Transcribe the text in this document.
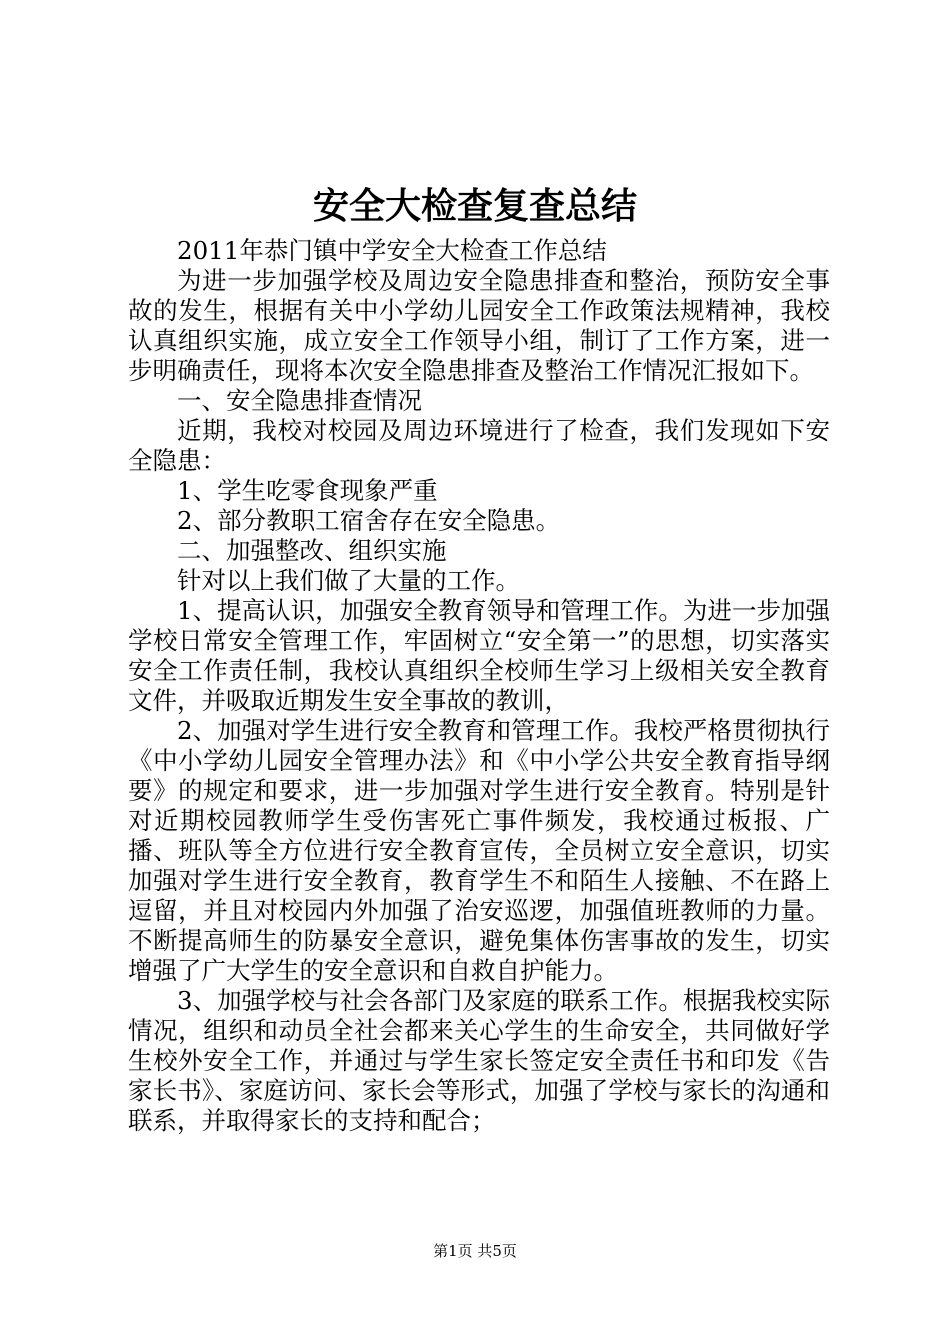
安全大检查复查总结

2011年恭门镇中学安全大检查工作总结

为进一步加强学校及周边安全隐患排查和整治，预防安全事故的发生，根据有关中小学幼儿园安全工作政策法规精神，我校认真组织实施，成立安全工作领导小组，制订了工作方案，进一步明确责任，现将本次安全隐患排查及整治工作情况汇报如下。

一、安全隐患排查情况

近期，我校对校园及周边环境进行了检查，我们发现如下安全隐患：

1、学生吃零食现象严重

2、部分教职工宿舍存在安全隐患。

二、加强整改、组织实施

针对以上我们做了大量的工作。

1、提高认识，加强安全教育领导和管理工作。为进一步加强学校日常安全管理工作，牢固树立“安全第一”的思想，切实落实安全工作责任制，我校认真组织全校师生学习上级相关安全教育文件，并吸取近期发生安全事故的教训，

2、加强对学生进行安全教育和管理工作。我校严格贯彻执行《中小学幼儿园安全管理办法》和《中小学公共安全教育指导纲要》的规定和要求，进一步加强对学生进行安全教育。特别是针对近期校园教师学生受伤害死亡事件频发，我校通过板报、广播、班队等全方位进行安全教育宣传，全员树立安全意识，切实加强对学生进行安全教育，教育学生不和陌生人接触、不在路上逗留，并且对校园内外加强了治安巡逻，加强值班教师的力量。不断提高师生的防暴安全意识，避免集体伤害事故的发生，切实增强了广大学生的安全意识和自救自护能力。

3、加强学校与社会各部门及家庭的联系工作。根据我校实际情况，组织和动员全社会都来关心学生的生命安全，共同做好学生校外安全工作，并通过与学生家长签定安全责任书和印发《告家长书》、家庭访问、家长会等形式，加强了学校与家长的沟通和联系，并取得家长的支持和配合；

第1页 共5页
